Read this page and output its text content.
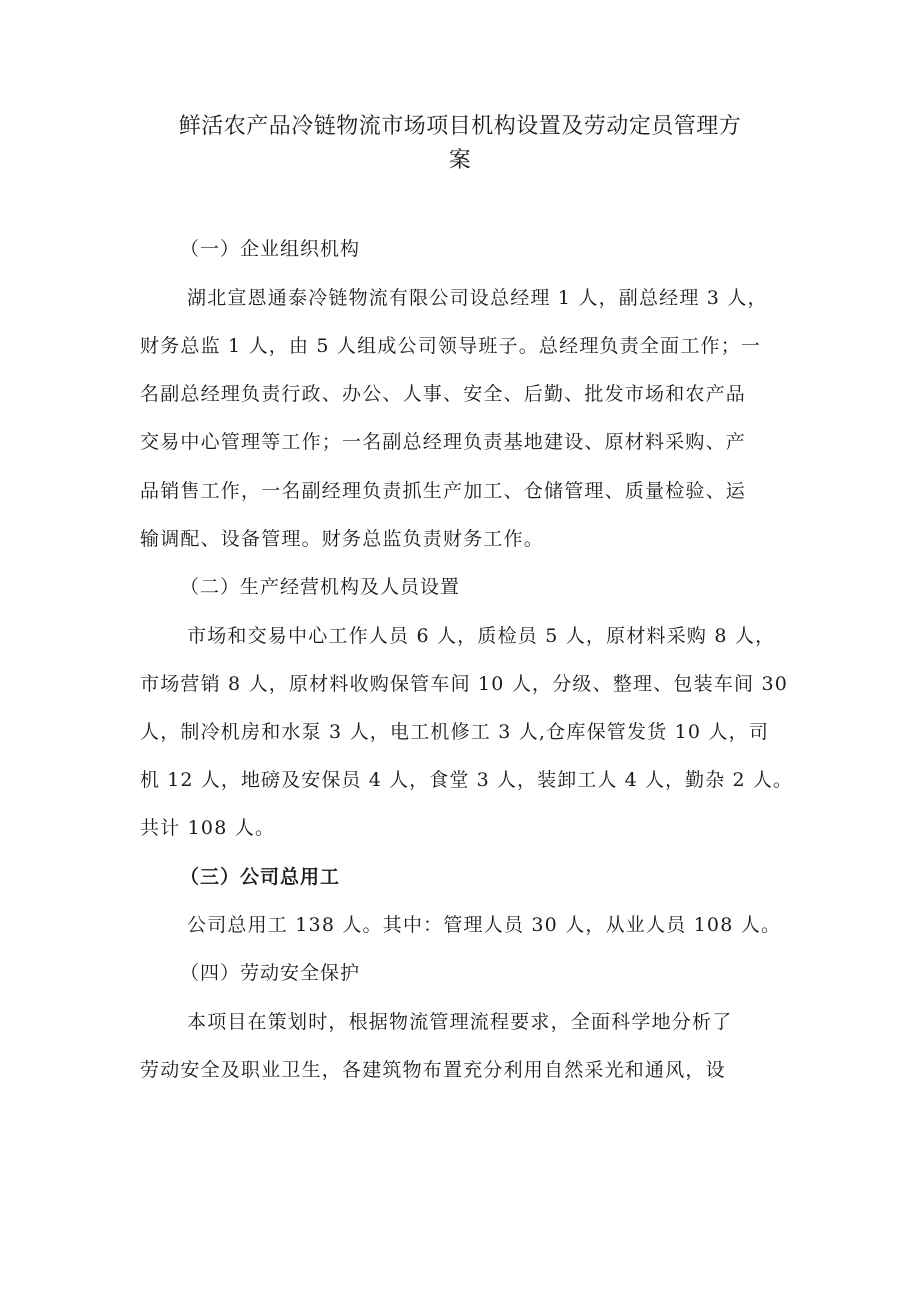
鲜活农产品冷链物流市场项目机构设置及劳动定员管理方
案
（一）企业组织机构
湖北宣恩通泰冷链物流有限公司设总经理 1 人，副总经理 3 人，
财务总监 1 人，由 5 人组成公司领导班子。总经理负责全面工作；一
名副总经理负责行政、办公、人事、安全、后勤、批发市场和农产品
交易中心管理等工作；一名副总经理负责基地建设、原材料采购、产
品销售工作，一名副经理负责抓生产加工、仓储管理、质量检验、运
输调配、设备管理。财务总监负责财务工作。
（二）生产经营机构及人员设置
市场和交易中心工作人员 6 人，质检员 5 人，原材料采购 8 人，
市场营销 8 人，原材料收购保管车间 10 人，分级、整理、包装车间 30
人，制冷机房和水泵 3 人，电工机修工 3 人,仓库保管发货 10 人，司
机 12 人，地磅及安保员 4 人，食堂 3 人，装卸工人 4 人，勤杂 2 人。
共计 108 人。
（三）公司总用工
公司总用工 138 人。其中：管理人员 30 人，从业人员 108 人。
（四）劳动安全保护
本项目在策划时，根据物流管理流程要求，全面科学地分析了
劳动安全及职业卫生，各建筑物布置充分利用自然采光和通风，设
